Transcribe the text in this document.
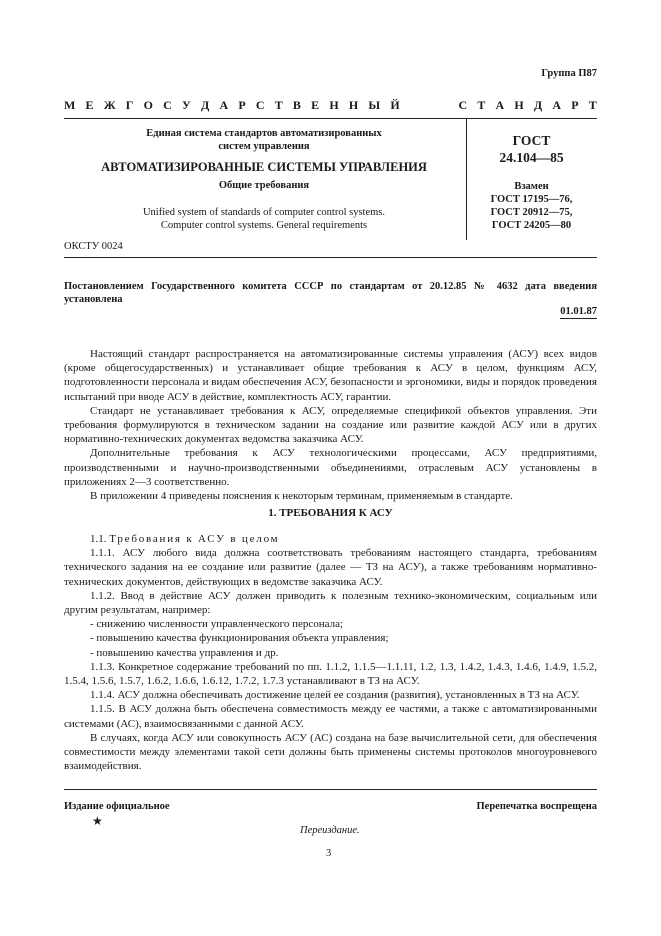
Группа П87
М Е Ж Г О С У Д А Р С Т В Е Н Н Ы Й	С Т А Н Д А Р Т
Единая система стандартов автоматизированных
систем управления
АВТОМАТИЗИРОВАННЫЕ СИСТЕМЫ УПРАВЛЕНИЯ
Общие требования
Unified system of standards of computer control systems.
Computer control systems. General requirements
ГОСТ
24.104—85
Взамен
ГОСТ 17195—76,
ГОСТ 20912—75,
ГОСТ 24205—80
ОКСТУ 0024
Постановлением Государственного комитета СССР по стандартам от 20.12.85 № 4632 дата введения
установлена
01.01.87

Настоящий стандарт распространяется на автоматизированные системы управления (АСУ) всех видов (кроме общегосударственных) и устанавливает общие требования к АСУ в целом, функциям АСУ, подготовленности персонала и видам обеспечения АСУ, безопасности и эргономики, виды и порядок проведения испытаний при вводе АСУ в действие, комплектность АСУ, гарантии.

Стандарт не устанавливает требования к АСУ, определяемые спецификой объектов управления. Эти требования формулируются в техническом задании на создание или развитие каждой АСУ или в других нормативно-технических документах ведомства заказчика АСУ.

Дополнительные требования к АСУ технологическими процессами, АСУ предприятиями, производственными и научно-производственными объединениями, отраслевым АСУ установлены в приложениях 2—3 соответственно.

В приложении 4 приведены пояснения к некоторым терминам, применяемым в стандарте.

1. ТРЕБОВАНИЯ К АСУ

1.1. Требования к АСУ в целом

1.1.1. АСУ любого вида должна соответствовать требованиям настоящего стандарта, требованиям технического задания на ее создание или развитие (далее — ТЗ на АСУ), а также требованиям нормативно-технических документов, действующих в ведомстве заказчика АСУ.

1.1.2. Ввод в действие АСУ должен приводить к полезным технико-экономическим, социальным или другим результатам, например:

- снижению численности управленческого персонала;

- повышению качества функционирования объекта управления;

- повышению качества управления и др.

1.1.3. Конкретное содержание требований по пп. 1.1.2, 1.1.5—1.1.11, 1.2, 1.3, 1.4.2, 1.4.3, 1.4.6, 1.4.9, 1.5.2, 1.5.4, 1.5.6, 1.5.7, 1.6.2, 1.6.6, 1.6.12, 1.7.2, 1.7.3 устанавливают в ТЗ на АСУ.

1.1.4. АСУ должна обеспечивать достижение целей ее создания (развития), установленных в ТЗ на АСУ.

1.1.5. В АСУ должна быть обеспечена совместимость между ее частями, а также с автоматизированными системами (АС), взаимосвязанными с данной АСУ.

В случаях, когда АСУ или совокупность АСУ (АС) создана на базе вычислительной сети, для обеспечения совместимости между элементами такой сети должны быть применены системы протоколов многоуровневого взаимодействия.

Издание официальное	Перепечатка воспрещена
★
Переиздание.
3
